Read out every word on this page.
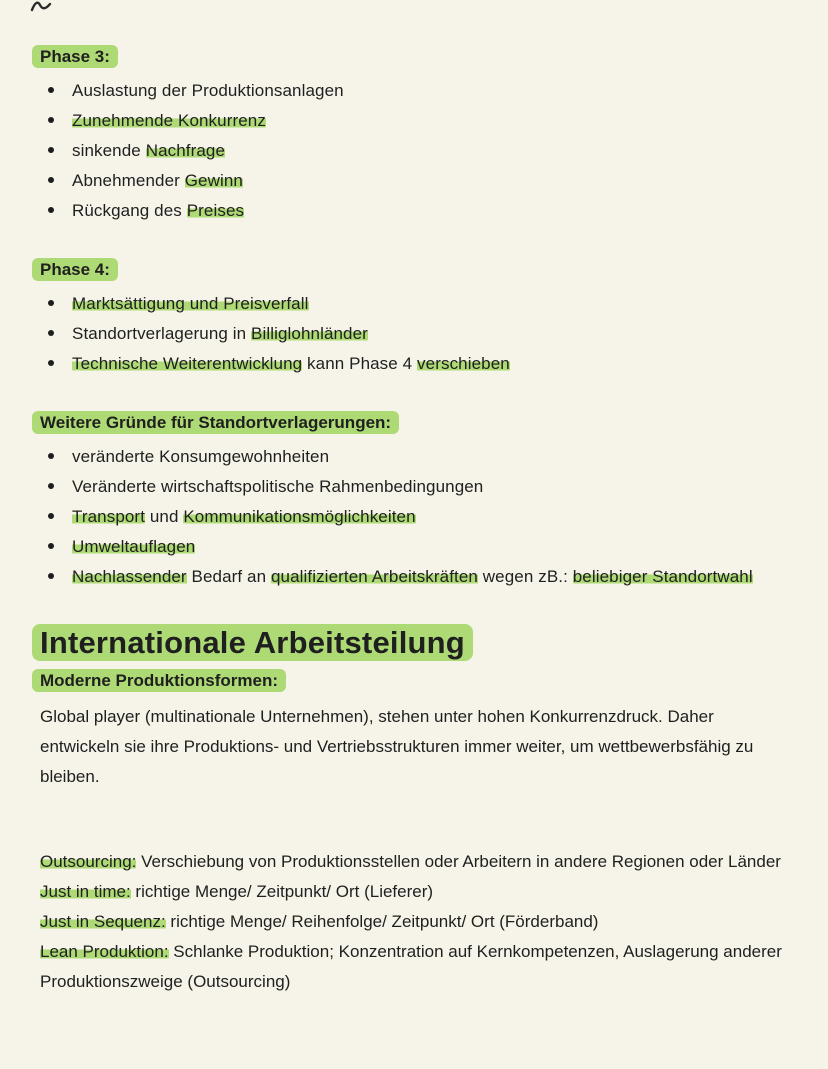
Phase 3:
Auslastung der Produktionsanlagen
Zunehmende Konkurrenz
sinkende Nachfrage
Abnehmender Gewinn
Rückgang des Preises
Phase 4:
Marktsättigung und Preisverfall
Standortverlagerung in Billiglohnländer
Technische Weiterentwicklung kann Phase 4 verschieben
Weitere Gründe für Standortverlagerungen:
veränderte Konsumgewohnheiten
Veränderte wirtschaftspolitische Rahmenbedingungen
Transport und Kommunikationsmöglichkeiten
Umweltauflagen
Nachlassender Bedarf an qualifizierten Arbeitskräften wegen zB.: beliebiger Standortwahl
Internationale Arbeitsteilung
Moderne Produktionsformen:

Global player (multinationale Unternehmen), stehen unter hohen Konkurrenzdruck. Daher entwickeln sie ihre Produktions- und Vertriebsstrukturen immer weiter, um wettbewerbsfähig zu bleiben.

Outsourcing: Verschiebung von Produktionsstellen oder Arbeitern in andere Regionen oder Länder

Just in time: richtige Menge/ Zeitpunkt/ Ort (Lieferer)

Just in Sequenz: richtige Menge/ Reihenfolge/ Zeitpunkt/ Ort (Förderband)

Lean Produktion: Schlanke Produktion; Konzentration auf Kernkompetenzen, Auslagerung anderer Produktionszweige (Outsourcing)
